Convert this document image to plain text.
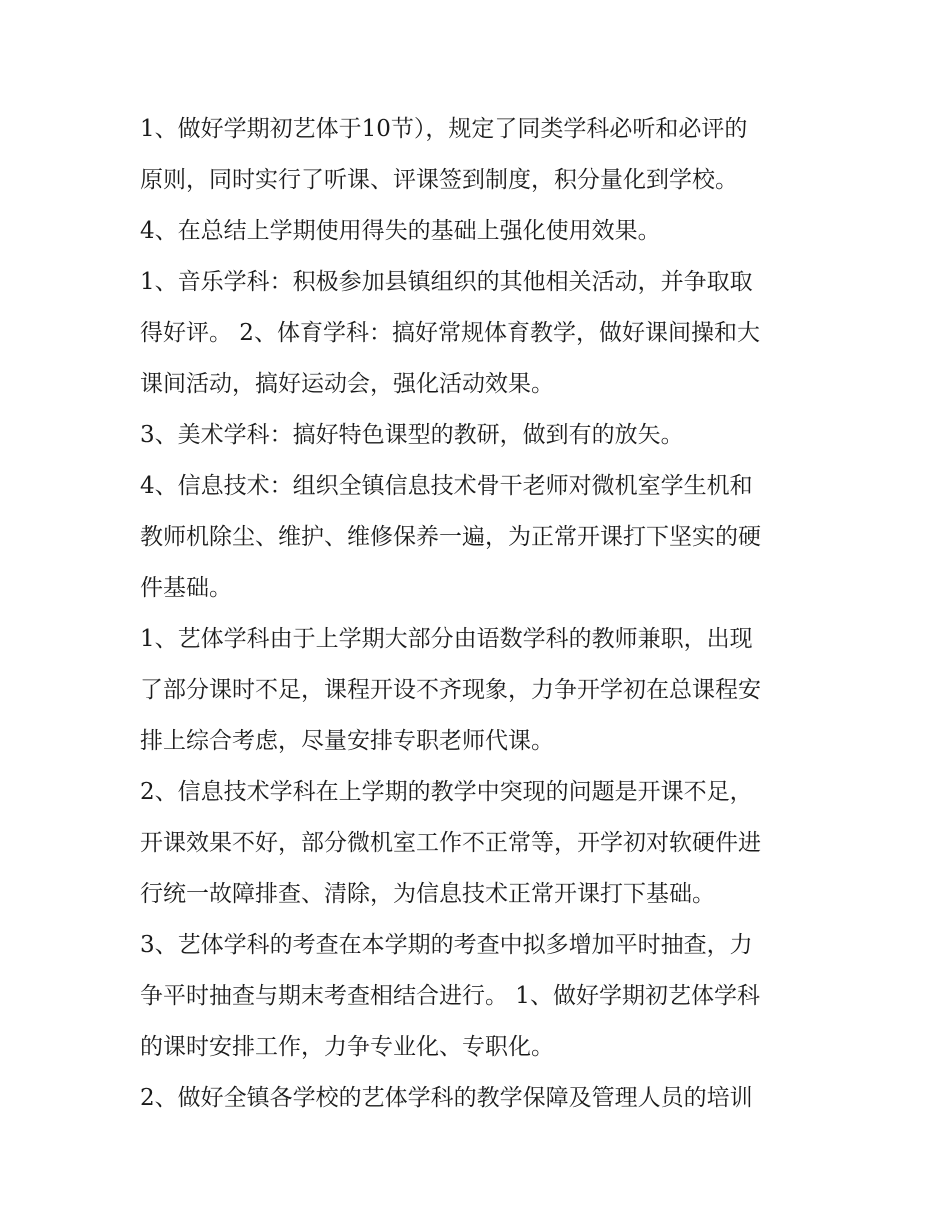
1、做好学期初艺体于10节），规定了同类学科必听和必评的

原则，同时实行了听课、评课签到制度，积分量化到学校。

4、在总结上学期使用得失的基础上强化使用效果。

1、音乐学科：积极参加县镇组织的其他相关活动，并争取取

得好评。 2、体育学科：搞好常规体育教学，做好课间操和大

课间活动，搞好运动会，强化活动效果。

3、美术学科：搞好特色课型的教研，做到有的放矢。

4、信息技术：组织全镇信息技术骨干老师对微机室学生机和

教师机除尘、维护、维修保养一遍，为正常开课打下坚实的硬

件基础。

1、艺体学科由于上学期大部分由语数学科的教师兼职，出现

了部分课时不足，课程开设不齐现象，力争开学初在总课程安

排上综合考虑，尽量安排专职老师代课。

2、信息技术学科在上学期的教学中突现的问题是开课不足，

开课效果不好，部分微机室工作不正常等，开学初对软硬件进

行统一故障排查、清除，为信息技术正常开课打下基础。

3、艺体学科的考查在本学期的考查中拟多增加平时抽查，力

争平时抽查与期末考查相结合进行。 1、做好学期初艺体学科

的课时安排工作，力争专业化、专职化。

2、做好全镇各学校的艺体学科的教学保障及管理人员的培训
